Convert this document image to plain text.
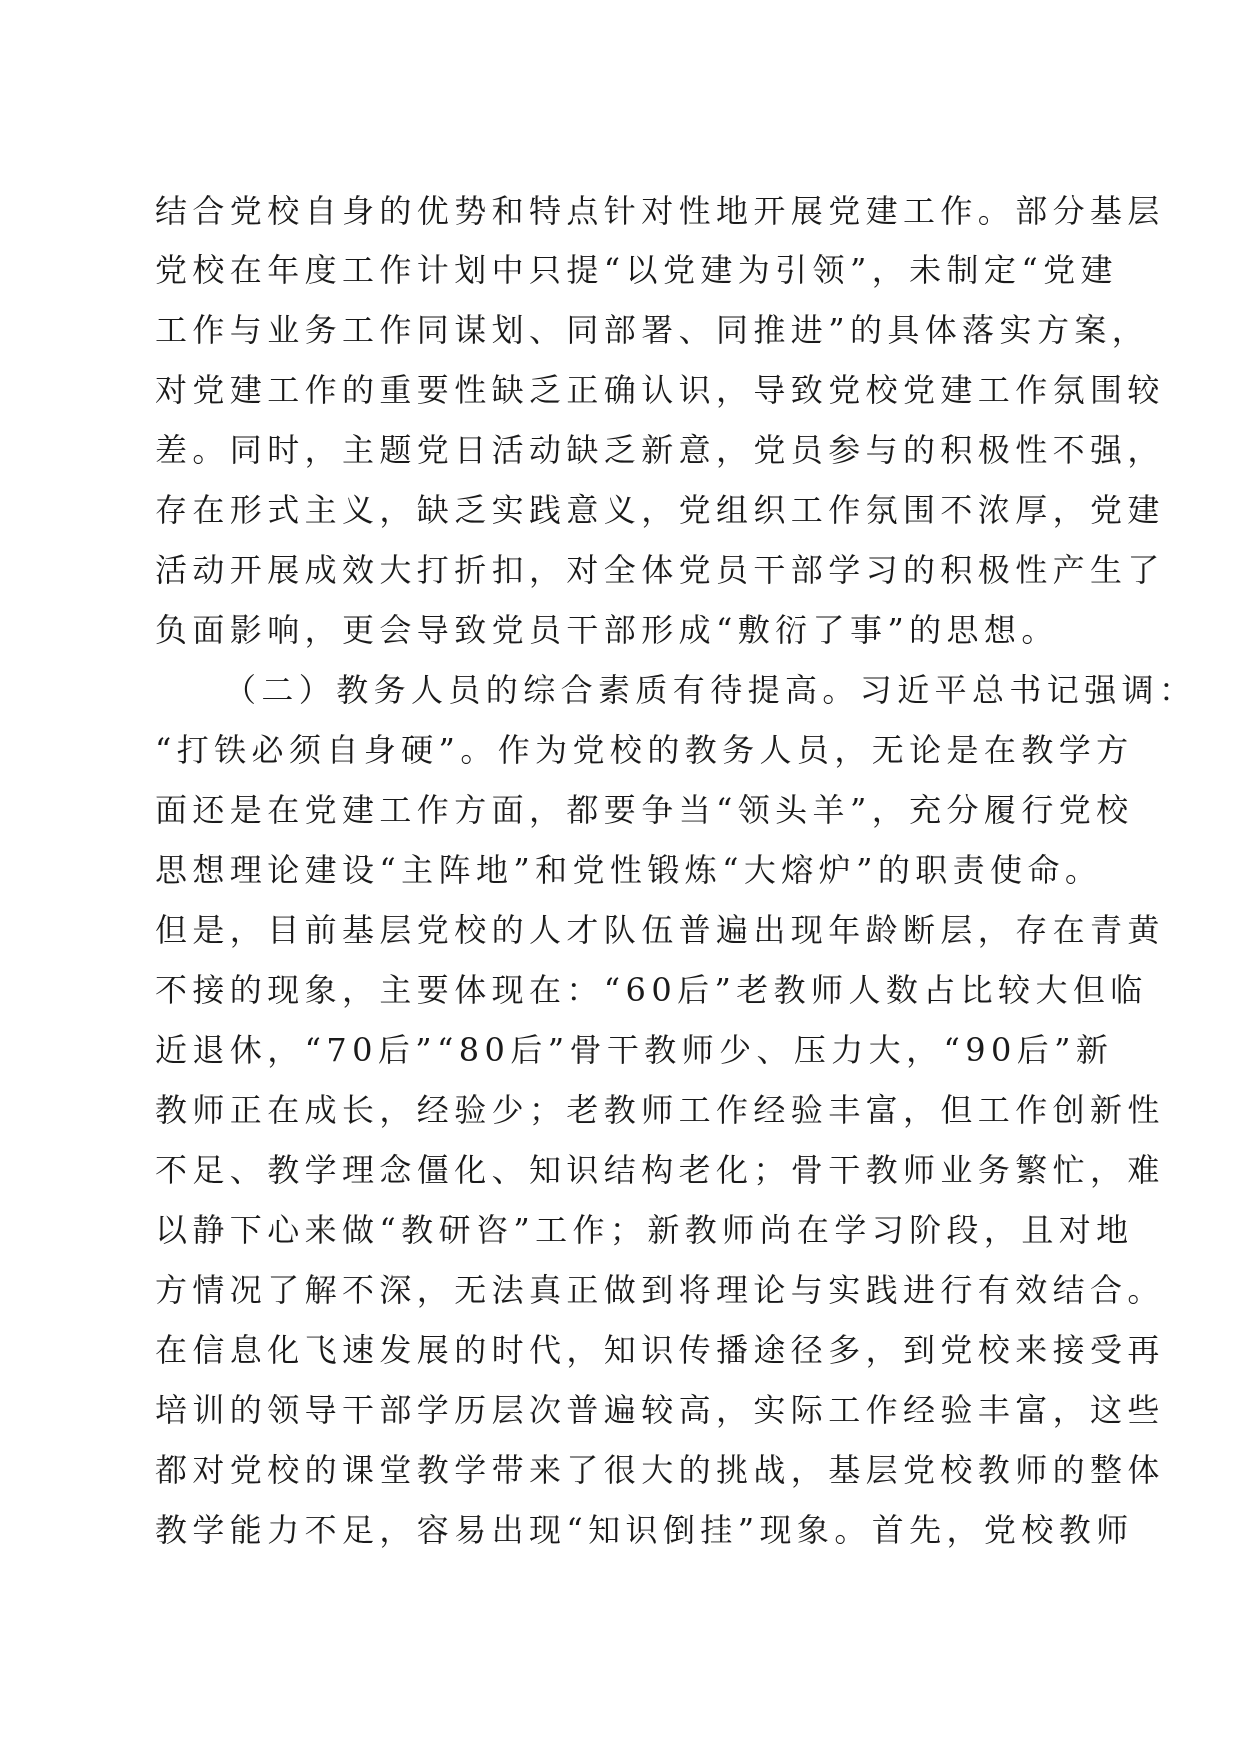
结合党校自身的优势和特点针对性地开展党建工作。部分基层
党校在年度工作计划中只提“以党建为引领”，未制定“党建
工作与业务工作同谋划、同部署、同推进”的具体落实方案，
对党建工作的重要性缺乏正确认识，导致党校党建工作氛围较
差。同时，主题党日活动缺乏新意，党员参与的积极性不强，
存在形式主义，缺乏实践意义，党组织工作氛围不浓厚，党建
活动开展成效大打折扣，对全体党员干部学习的积极性产生了
负面影响，更会导致党员干部形成“敷衍了事”的思想。
（二）教务人员的综合素质有待提高。习近平总书记强调：
“打铁必须自身硬”。作为党校的教务人员，无论是在教学方
面还是在党建工作方面，都要争当“领头羊”，充分履行党校
思想理论建设“主阵地”和党性锻炼“大熔炉”的职责使命。
但是，目前基层党校的人才队伍普遍出现年龄断层，存在青黄
不接的现象，主要体现在：“60后”老教师人数占比较大但临
近退休，“70后”“80后”骨干教师少、压力大，“90后”新
教师正在成长，经验少；老教师工作经验丰富，但工作创新性
不足、教学理念僵化、知识结构老化；骨干教师业务繁忙，难
以静下心来做“教研咨”工作；新教师尚在学习阶段，且对地
方情况了解不深，无法真正做到将理论与实践进行有效结合。
在信息化飞速发展的时代，知识传播途径多，到党校来接受再
培训的领导干部学历层次普遍较高，实际工作经验丰富，这些
都对党校的课堂教学带来了很大的挑战，基层党校教师的整体
教学能力不足，容易出现“知识倒挂”现象。首先，党校教师
